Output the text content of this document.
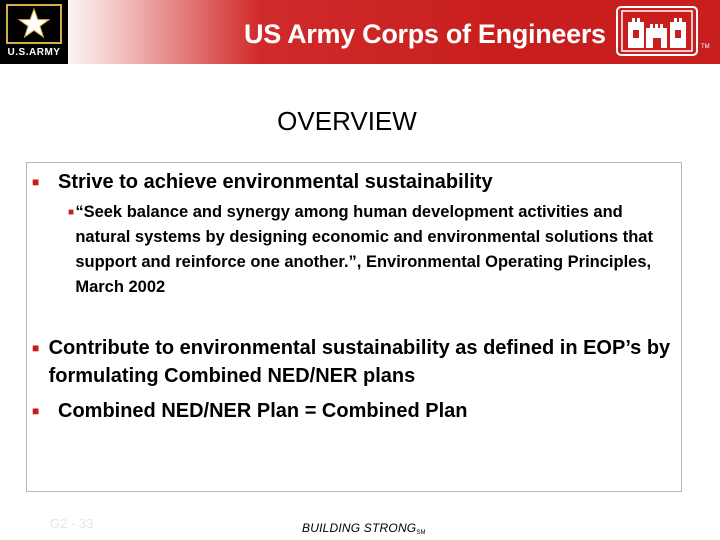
U.S.ARMY
US Army Corps of Engineers	TM
OVERVIEW
■ Strive to achieve environmental sustainability
■ “Seek balance and synergy among human development activities and natural systems by designing economic and environmental solutions that support and reinforce one another.”, Environmental Operating Principles, March 2002
■ Contribute to environmental sustainability as defined in EOP’s by formulating Combined NED/NER plans
■ Combined NED/NER Plan = Combined Plan
G2 - 33	BUILDING STRONGSM
